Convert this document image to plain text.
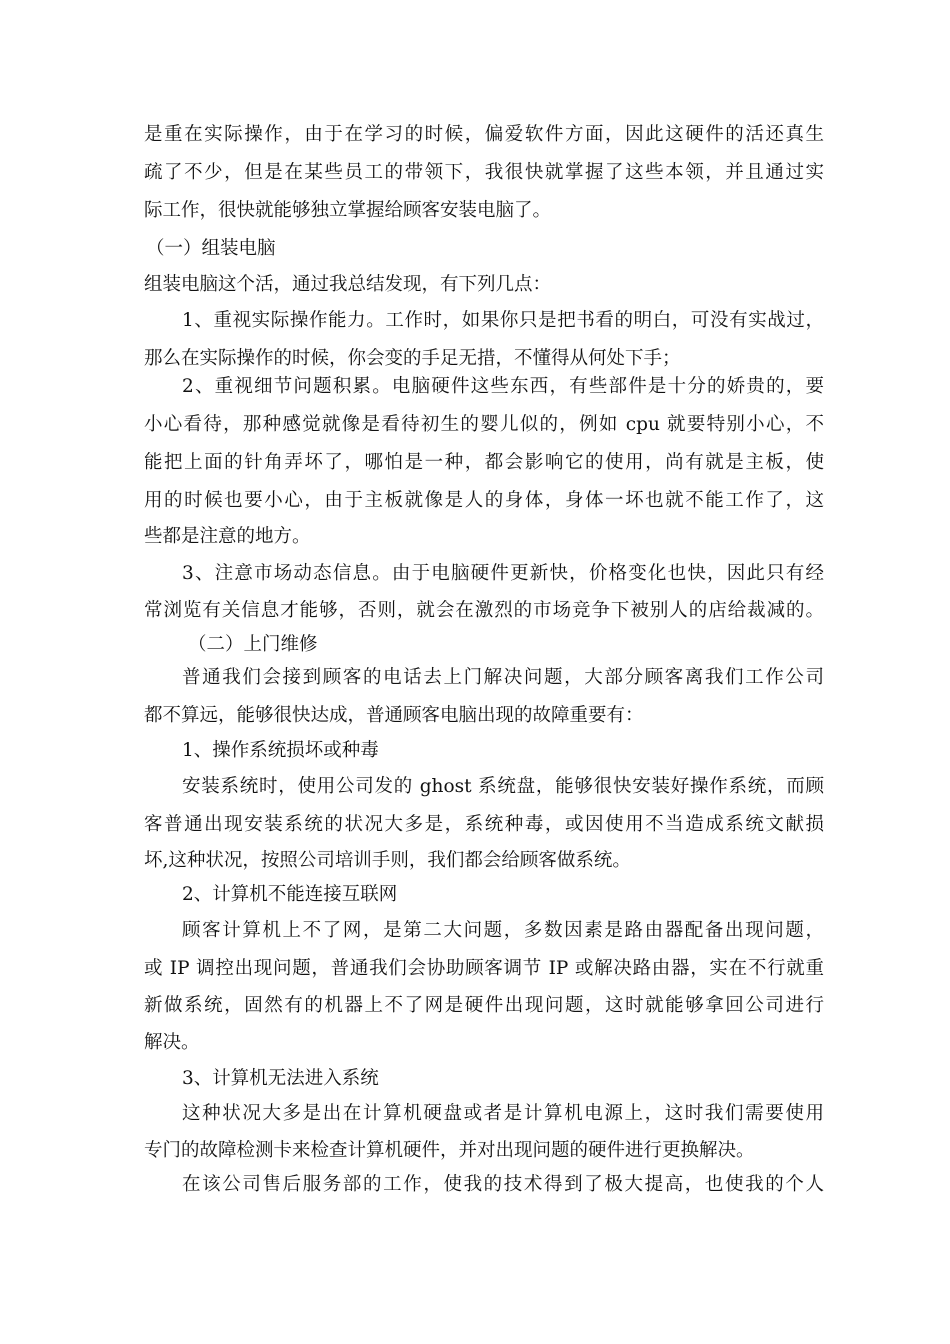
是重在实际操作，由于在学习的时候，偏爱软件方面，因此这硬件的活还真生
疏了不少，但是在某些员工的带领下，我很快就掌握了这些本领，并且通过实
际工作，很快就能够独立掌握给顾客安装电脑了。
（一）组装电脑
组装电脑这个活，通过我总结发现，有下列几点：
1、重视实际操作能力。工作时，如果你只是把书看的明白，可没有实战过，
那么在实际操作的时候，你会变的手足无措，不懂得从何处下手；
2、重视细节问题积累。电脑硬件这些东西，有些部件是十分的娇贵的，要
小心看待，那种感觉就像是看待初生的婴儿似的，例如 cpu 就要特别小心，不
能把上面的针角弄坏了，哪怕是一种，都会影响它的使用，尚有就是主板，使
用的时候也要小心，由于主板就像是人的身体，身体一坏也就不能工作了，这
些都是注意的地方。
3、注意市场动态信息。由于电脑硬件更新快，价格变化也快，因此只有经
常浏览有关信息才能够，否则，就会在激烈的市场竞争下被别人的店给裁减的。
（二）上门维修
普通我们会接到顾客的电话去上门解决问题，大部分顾客离我们工作公司
都不算远，能够很快达成，普通顾客电脑出现的故障重要有：
1、操作系统损坏或种毒
安装系统时，使用公司发的 ghost 系统盘，能够很快安装好操作系统，而顾
客普通出现安装系统的状况大多是，系统种毒，或因使用不当造成系统文献损
坏,这种状况，按照公司培训手则，我们都会给顾客做系统。
2、计算机不能连接互联网
顾客计算机上不了网，是第二大问题，多数因素是路由器配备出现问题，
或 IP 调控出现问题，普通我们会协助顾客调节 IP 或解决路由器，实在不行就重
新做系统，固然有的机器上不了网是硬件出现问题，这时就能够拿回公司进行
解决。
3、计算机无法进入系统
这种状况大多是出在计算机硬盘或者是计算机电源上，这时我们需要使用
专门的故障检测卡来检查计算机硬件，并对出现问题的硬件进行更换解决。
在该公司售后服务部的工作，使我的技术得到了极大提高，也使我的个人
